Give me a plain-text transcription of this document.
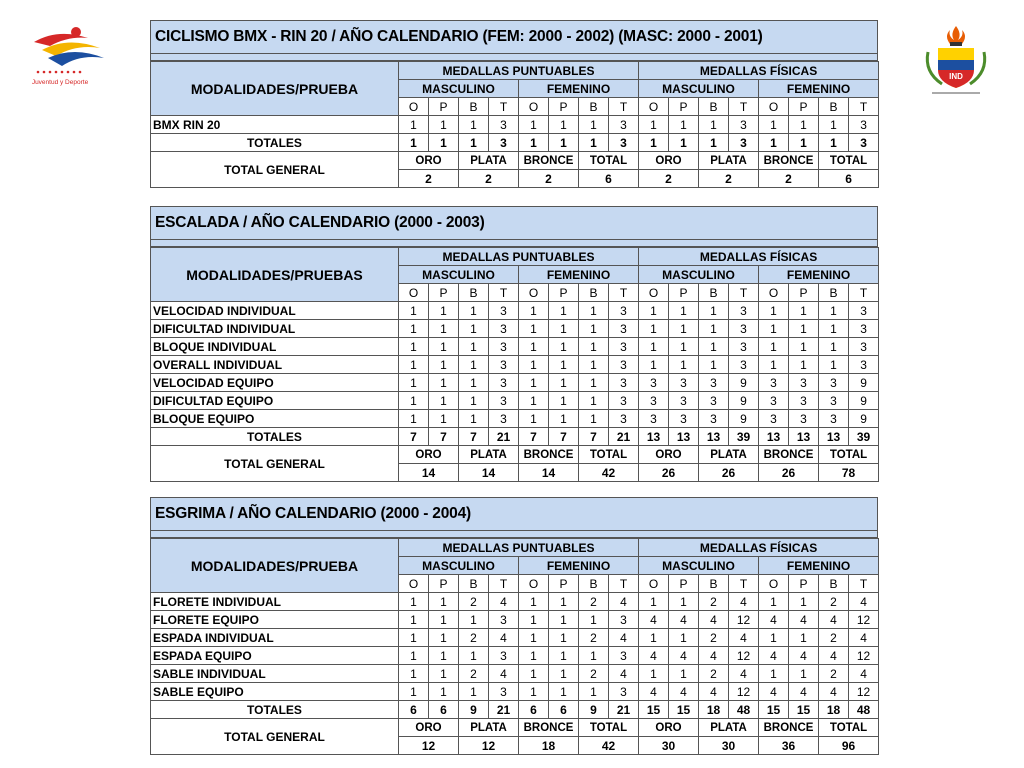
Juventud y Deporte
IND
CICLISMO BMX - RIN 20 / AÑO CALENDARIO (FEM: 2000 - 2002) (MASC: 2000 - 2001)
MODALIDADES/PRUEBA	MEDALLAS PUNTUABLES								MEDALLAS FÍSICAS							
	MASCULINO				FEMENINO				MASCULINO				FEMENINO			
	O	P	B	T	O	P	B	T	O	P	B	T	O	P	B	T
BMX RIN 20	1	1	1	3	1	1	1	3	1	1	1	3	1	1	1	3
TOTALES	1	1	1	3	1	1	1	3	1	1	1	3	1	1	1	3
TOTAL GENERAL	ORO		PLATA		BRONCE		TOTAL		ORO		PLATA		BRONCE		TOTAL	
	2		2		2		6		2		2		2		6	
ESCALADA / AÑO CALENDARIO (2000 - 2003)
MODALIDADES/PRUEBAS	MEDALLAS PUNTUABLES								MEDALLAS FÍSICAS							
	MASCULINO				FEMENINO				MASCULINO				FEMENINO			
	O	P	B	T	O	P	B	T	O	P	B	T	O	P	B	T
VELOCIDAD INDIVIDUAL	1	1	1	3	1	1	1	3	1	1	1	3	1	1	1	3
DIFICULTAD INDIVIDUAL	1	1	1	3	1	1	1	3	1	1	1	3	1	1	1	3
BLOQUE INDIVIDUAL	1	1	1	3	1	1	1	3	1	1	1	3	1	1	1	3
OVERALL INDIVIDUAL	1	1	1	3	1	1	1	3	1	1	1	3	1	1	1	3
VELOCIDAD EQUIPO	1	1	1	3	1	1	1	3	3	3	3	9	3	3	3	9
DIFICULTAD EQUIPO	1	1	1	3	1	1	1	3	3	3	3	9	3	3	3	9
BLOQUE EQUIPO	1	1	1	3	1	1	1	3	3	3	3	9	3	3	3	9
TOTALES	7	7	7	21	7	7	7	21	13	13	13	39	13	13	13	39
TOTAL GENERAL	ORO		PLATA		BRONCE		TOTAL		ORO		PLATA		BRONCE		TOTAL	
	14		14		14		42		26		26		26		78	
ESGRIMA / AÑO CALENDARIO (2000 - 2004)
MODALIDADES/PRUEBA	MEDALLAS PUNTUABLES								MEDALLAS FÍSICAS							
	MASCULINO				FEMENINO				MASCULINO				FEMENINO			
	O	P	B	T	O	P	B	T	O	P	B	T	O	P	B	T
FLORETE INDIVIDUAL	1	1	2	4	1	1	2	4	1	1	2	4	1	1	2	4
FLORETE EQUIPO	1	1	1	3	1	1	1	3	4	4	4	12	4	4	4	12
ESPADA INDIVIDUAL	1	1	2	4	1	1	2	4	1	1	2	4	1	1	2	4
ESPADA EQUIPO	1	1	1	3	1	1	1	3	4	4	4	12	4	4	4	12
SABLE INDIVIDUAL	1	1	2	4	1	1	2	4	1	1	2	4	1	1	2	4
SABLE EQUIPO	1	1	1	3	1	1	1	3	4	4	4	12	4	4	4	12
TOTALES	6	6	9	21	6	6	9	21	15	15	18	48	15	15	18	48
TOTAL GENERAL	ORO		PLATA		BRONCE		TOTAL		ORO		PLATA		BRONCE		TOTAL	
	12		12		18		42		30		30		36		96	
